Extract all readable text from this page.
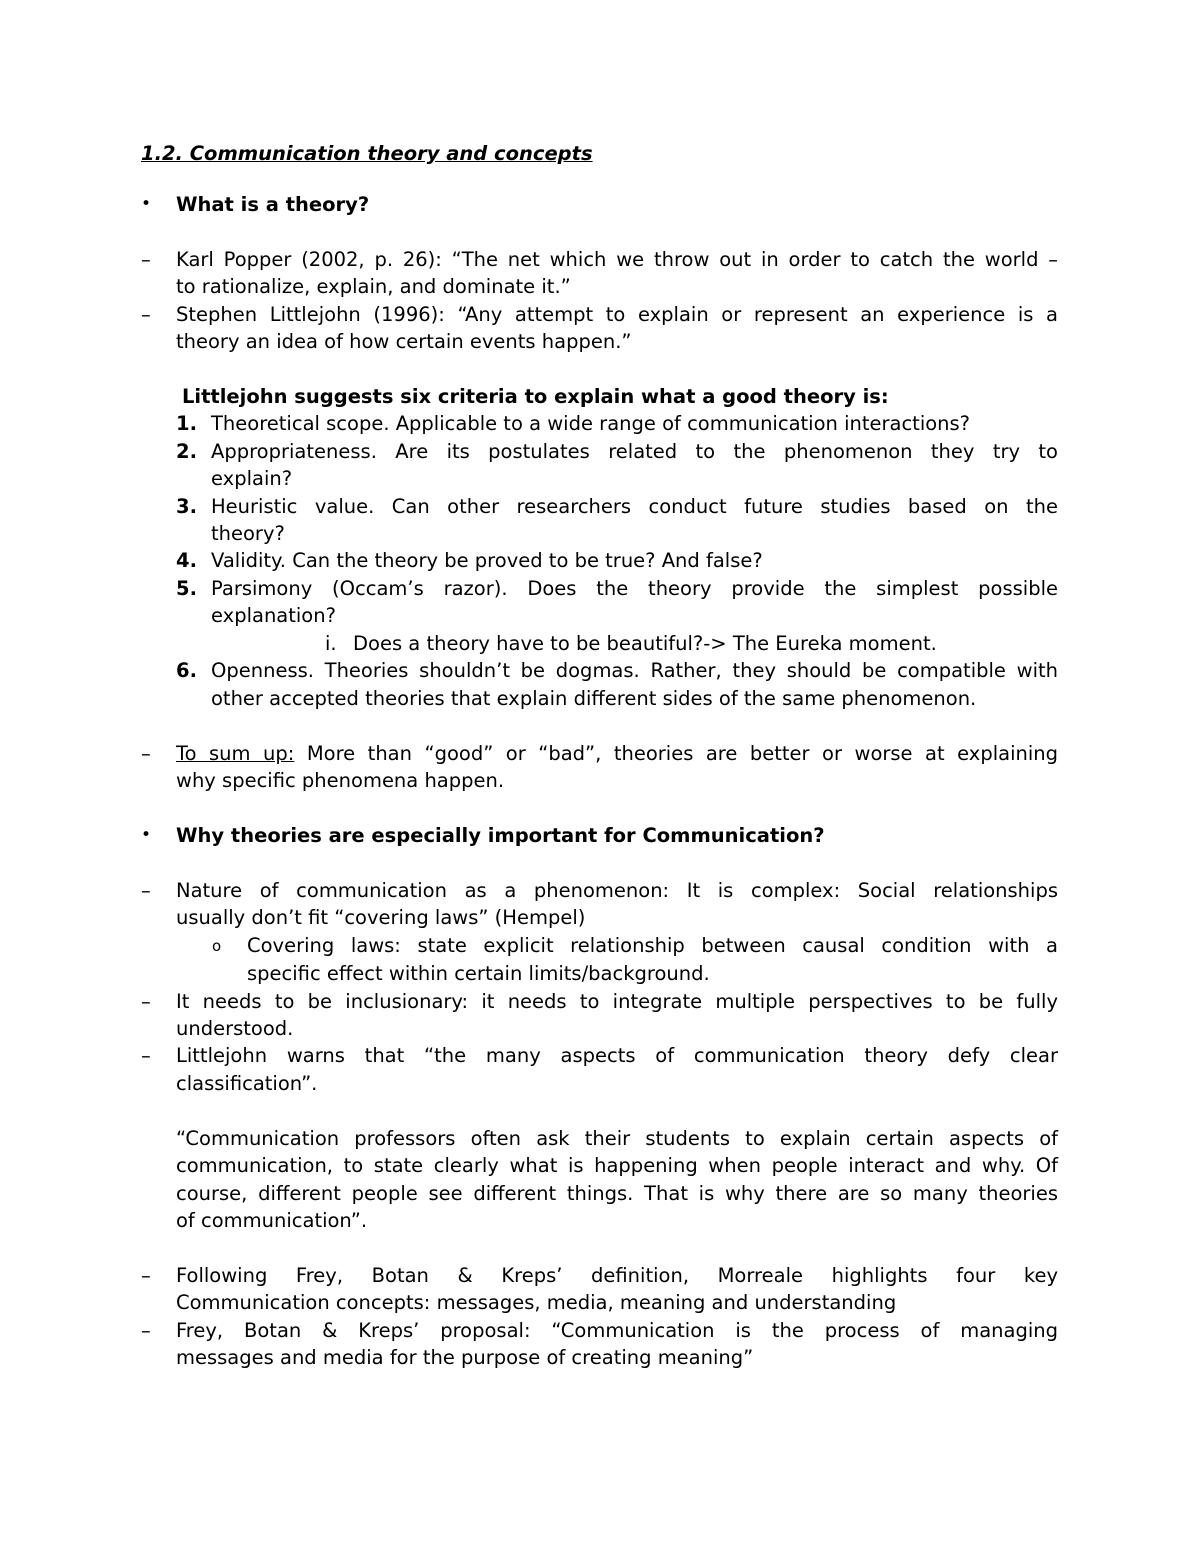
1.2. Communication theory and concepts
• What is a theory?
– Karl Popper (2002, p. 26): “The net which we throw out in order to catch the world –
to rationalize, explain, and dominate it.”
– Stephen Littlejohn (1996): “Any attempt to explain or represent an experience is a
theory an idea of how certain events happen.”
Littlejohn suggests six criteria to explain what a good theory is:
1. Theoretical scope. Applicable to a wide range of communication interactions?
2. Appropriateness. Are its postulates related to the phenomenon they try to
explain?
3. Heuristic value. Can other researchers conduct future studies based on the
theory?
4. Validity. Can the theory be proved to be true? And false?
5. Parsimony (Occam’s razor). Does the theory provide the simplest possible
explanation?
i. Does a theory have to be beautiful?-> The Eureka moment.
6. Openness. Theories shouldn’t be dogmas. Rather, they should be compatible with
other accepted theories that explain different sides of the same phenomenon.
– To sum up: More than “good” or “bad”, theories are better or worse at explaining
why specific phenomena happen.
• Why theories are especially important for Communication?
– Nature of communication as a phenomenon: It is complex: Social relationships
usually don’t fit “covering laws” (Hempel)
o Covering laws: state explicit relationship between causal condition with a
specific effect within certain limits/background.
– It needs to be inclusionary: it needs to integrate multiple perspectives to be fully
understood.
– Littlejohn warns that “the many aspects of communication theory defy clear
classification”.
“Communication professors often ask their students to explain certain aspects of
communication, to state clearly what is happening when people interact and why. Of
course, different people see different things. That is why there are so many theories
of communication”.
– Following Frey, Botan & Kreps’ definition, Morreale highlights four key
Communication concepts: messages, media, meaning and understanding
– Frey, Botan & Kreps’ proposal: “Communication is the process of managing
messages and media for the purpose of creating meaning”
